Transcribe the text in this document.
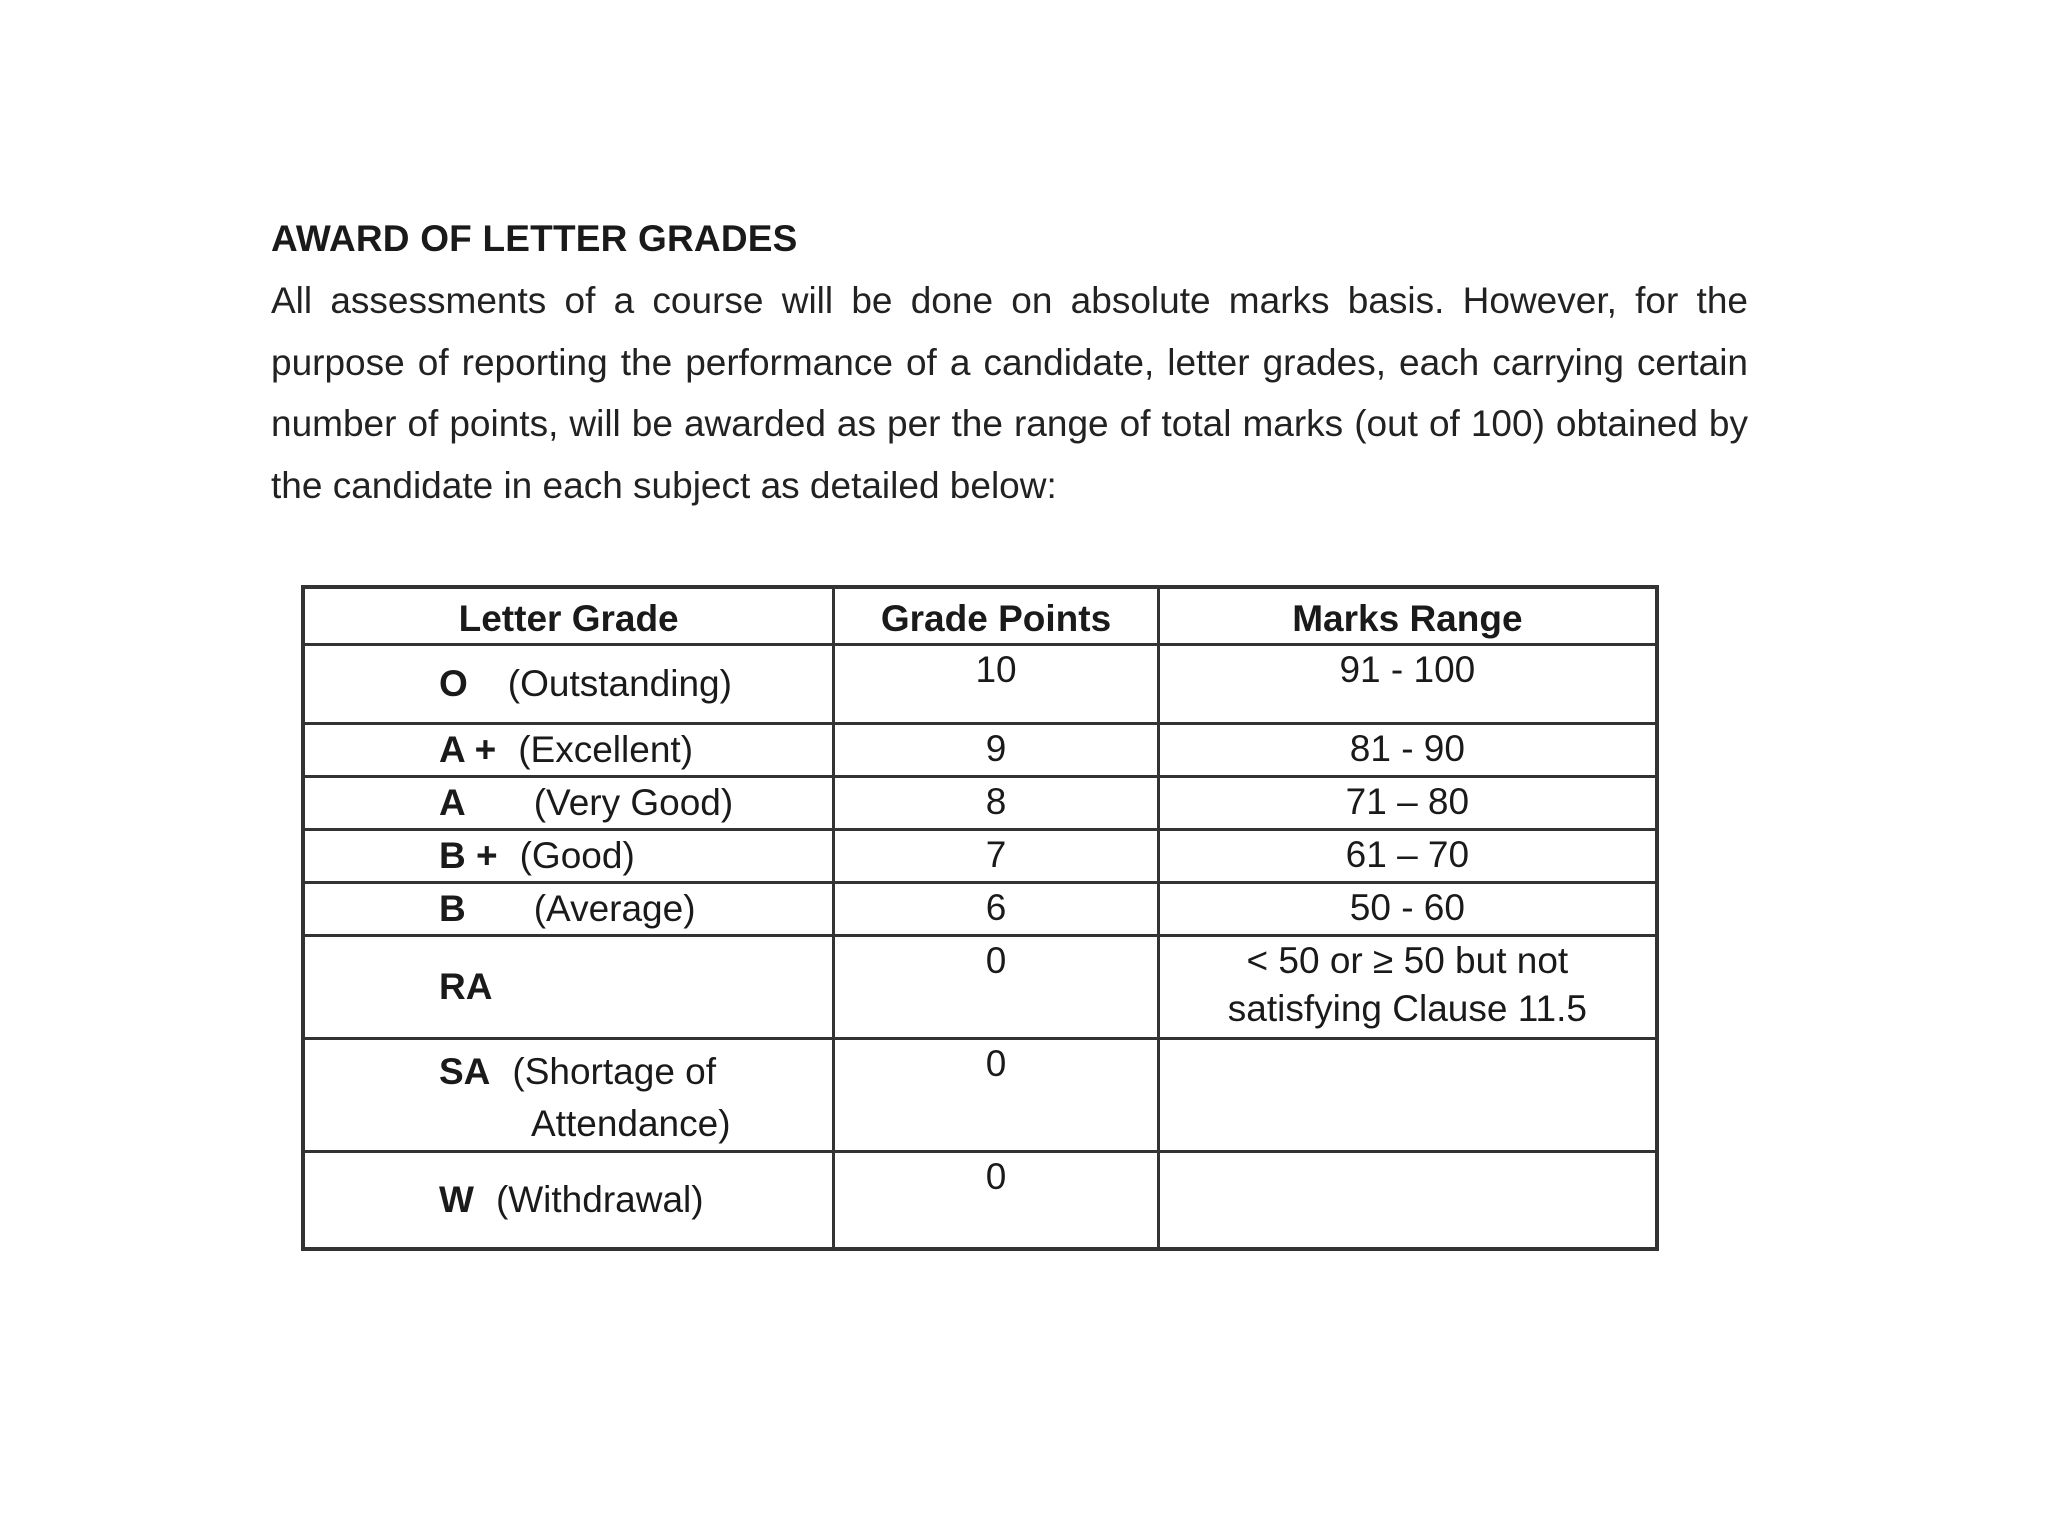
AWARD OF LETTER GRADES

All assessments of a course will be done on absolute marks basis. However, for the purpose of reporting the performance of a candidate, letter grades, each carrying certain number of points, will be awarded as per the range of total marks (out of 100) obtained by the candidate in each subject as detailed below:

Letter Grade	Grade Points	Marks Range
O (Outstanding)	10	91 - 100
A + (Excellent)	9	81 - 90
A (Very Good)	8	71 – 80
B + (Good)	7	61 – 70
B (Average)	6	50 - 60
RA	0	< 50 or ≥ 50 but not
satisfying Clause 11.5

SA (Shortage of
Attendance)	0	
W (Withdrawal)	0	
